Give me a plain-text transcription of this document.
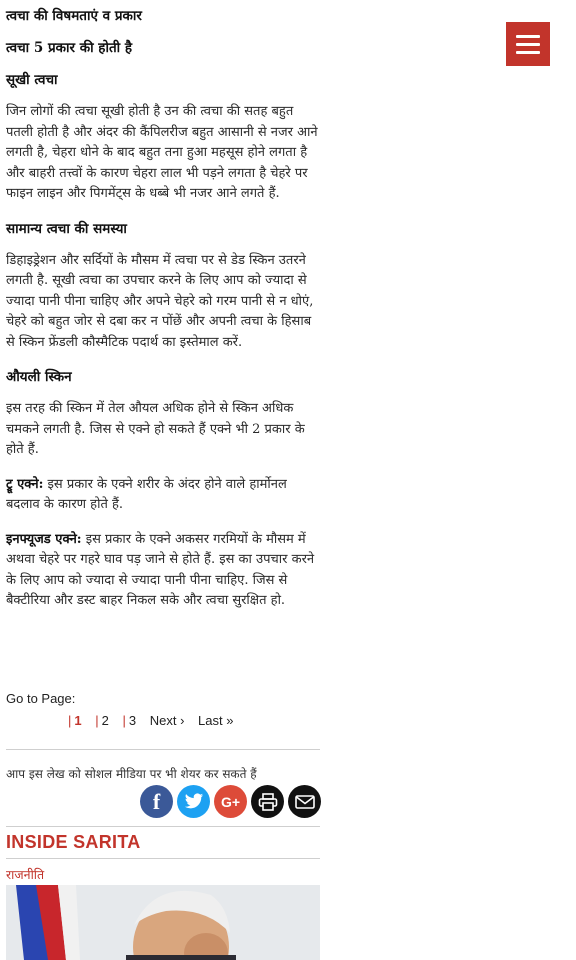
त्वचा की विषमताएं व प्रकार
त्वचा 5 प्रकार की होती है
सूखी त्वचा

जिन लोगों की त्वचा सूखी होती है उन की त्वचा की सतह बहुत पतली होती है और अंदर की कैंपिलरीज बहुत आसानी से नजर आने लगती है, चेहरा धोने के बाद बहुत तना हुआ महसूस होने लगता है और बाहरी तत्त्वों के कारण चेहरा लाल भी पड़ने लगता है चेहरे पर फाइन लाइन और पिगमेंट्स के धब्बे भी नजर आने लगते हैं.

सामान्य त्वचा की समस्या

डिहाइड्रेशन और सर्दियों के मौसम में त्वचा पर से डेड स्किन उतरने लगती है. सूखी त्वचा का उपचार करने के लिए आप को ज्यादा से ज्यादा पानी पीना चाहिए और अपने चेहरे को गरम पानी से न धोएं, चेहरे को बहुत जोर से दबा कर न पोंछें और अपनी त्वचा के हिसाब से स्किन फ्रेंडली कौस्मैटिक पदार्थ का इस्तेमाल करें.

औयली स्किन

इस तरह की स्किन में तेल औयल अधिक होने से स्किन अधिक चमकने लगती है. जिस से एक्ने हो सकते हैं एक्ने भी 2 प्रकार के होते हैं.

ट्रू एक्ने: इस प्रकार के एक्ने शरीर के अंदर होने वाले हार्मोनल बदलाव के कारण होते हैं.

इनफ्यूजड एक्ने: इस प्रकार के एक्ने अकसर गरमियों के मौसम में अथवा चेहरे पर गहरे घाव पड़ जाने से होते हैं. इस का उपचार करने के लिए आप को ज्यादा से ज्यादा पानी पीना चाहिए. जिस से बैक्टीरिया और डस्ट बाहर निकल सके और त्वचा सुरक्षित हो.

Go to Page:
| 1 | 2 | 3 Next › Last »
आप इस लेख को सोशल मीडिया पर भी शेयर कर सकते हैं
f	G+
INSIDE SARITA
राजनीति
